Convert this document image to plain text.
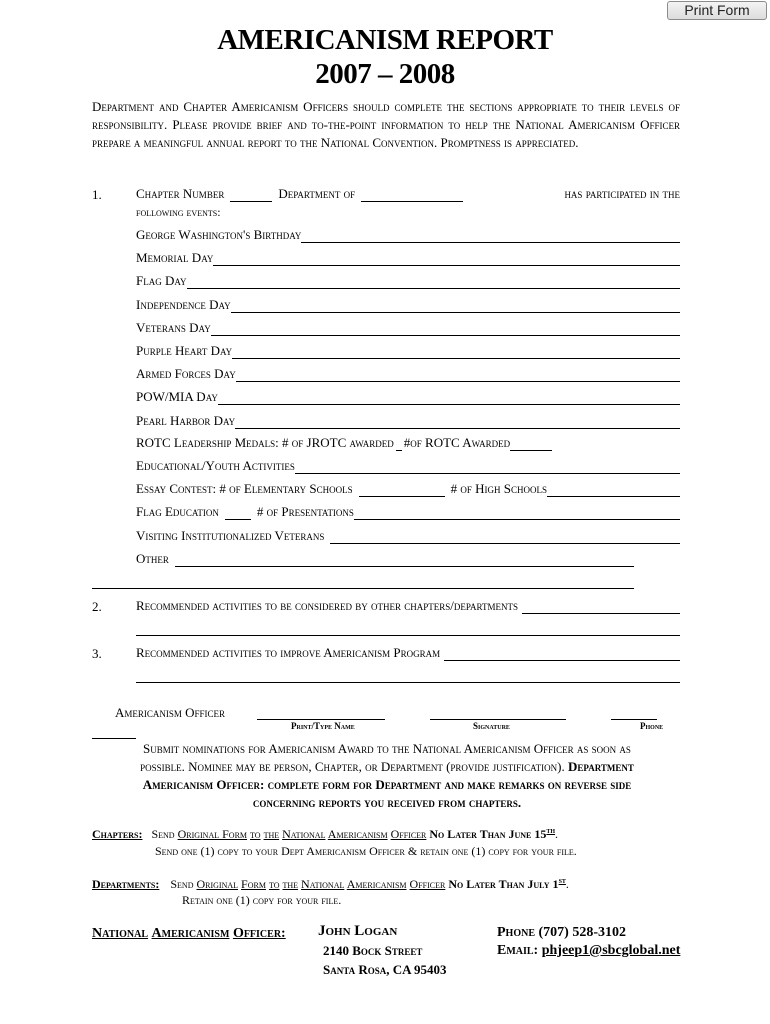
Print Form
AMERICANISM REPORT
2007 – 2008
Department and Chapter Americanism Officers should complete the sections appropriate to their levels of responsibility. Please provide brief and to-the-point information to help the National Americanism Officer prepare a meaningful annual report to the National Convention. Promptness is appreciated.
1.	Chapter Number	Department of	has participated in the
following events:
George Washington's Birthday
Memorial Day
Flag Day
Independence Day
Veterans Day
Purple Heart Day
Armed Forces Day
POW/MIA Day
Pearl Harbor Day
ROTC Leadership Medals: # of JROTC awarded #of ROTC Awarded
Educational/Youth Activities
Essay Contest: # of Elementary Schools	# of High Schools
Flag Education	# of Presentations
Visiting Institutionalized Veterans
Other
2.	Recommended activities to be considered by other chapters/departments
3.	Recommended activities to improve Americanism Program
Americanism Officer
Print/Type Name	Signature	Phone
Submit nominations for Americanism Award to the National Americanism Officer as soon as
possible. Nominee may be person, Chapter, or Department (provide justification). Department
Americanism Officer: complete form for Department and make remarks on reverse side
concerning reports you received from chapters.
Chapters: Send Original Form to the National Americanism Officer No Later Than June 15th.
Send one (1) copy to your Dept Americanism Officer & retain one (1) copy for your file.
Departments: Send Original Form to the National Americanism Officer No Later Than July 1st.
Retain one (1) copy for your file.
National Americanism Officer: John Logan
2140 Bock Street
Santa Rosa, CA 95403
Phone (707) 528-3102
Email: phjeep1@sbcglobal.net
